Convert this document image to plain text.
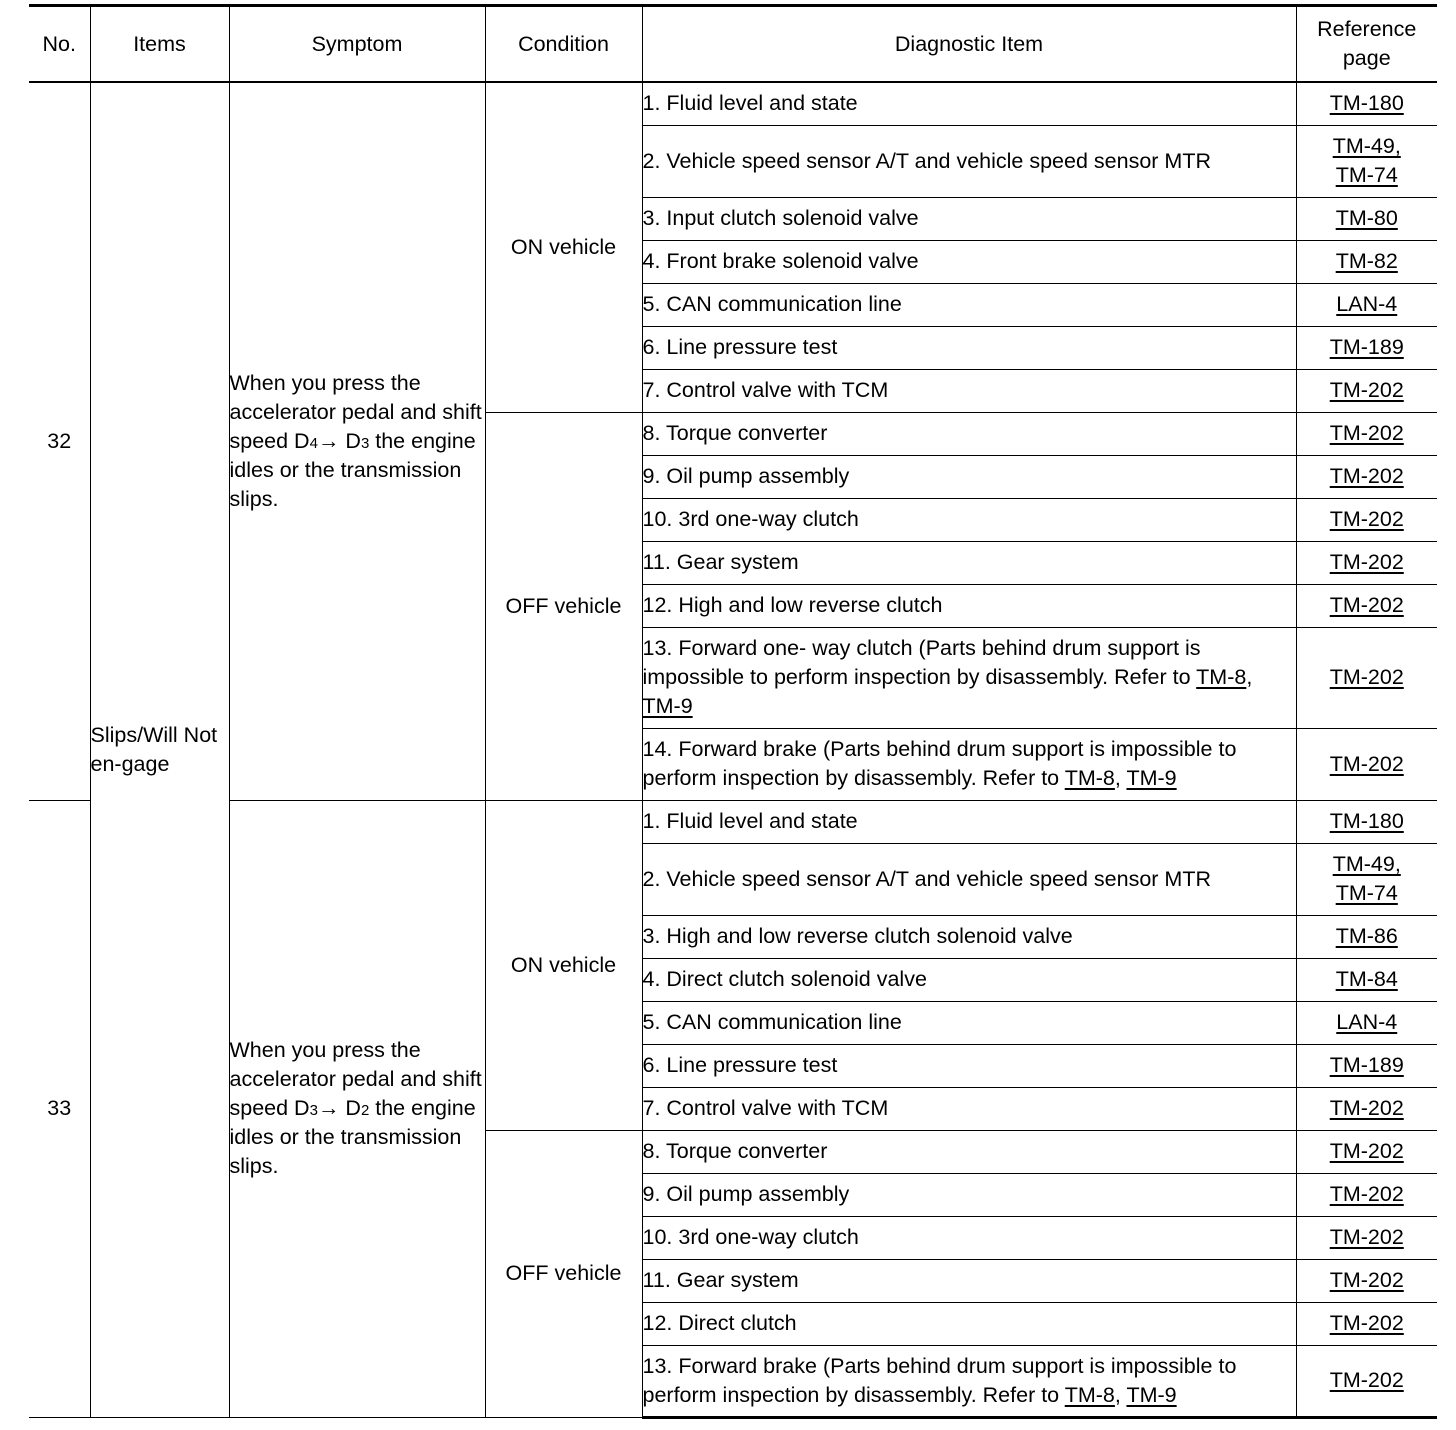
No.	Items	Symptom	Condition	Diagnostic Item	Reference page
32	Slips/Will Not en-gage	When you press the accelerator pedal and shift speed D4→ D3 the engine idles or the transmission slips.	ON vehicle	1. Fluid level and state	TM-180
				2. Vehicle speed sensor A/T and vehicle speed sensor MTR	TM-49,
TM-74
				3. Input clutch solenoid valve	TM-80
				4. Front brake solenoid valve	TM-82
				5. CAN communication line	LAN-4
				6. Line pressure test	TM-189
				7. Control valve with TCM	TM-202
			OFF vehicle	8. Torque converter	TM-202
				9. Oil pump assembly	TM-202
				10. 3rd one-way clutch	TM-202
				11. Gear system	TM-202
				12. High and low reverse clutch	TM-202
				13. Forward one- way clutch (Parts behind drum support is impossible to perform inspection by disassembly. Refer to TM-8, TM-9	TM-202
				14. Forward brake (Parts behind drum support is impossible to perform inspection by disassembly. Refer to TM-8, TM-9	TM-202
33		When you press the accelerator pedal and shift speed D3→ D2 the engine idles or the transmission slips.	ON vehicle	1. Fluid level and state	TM-180
				2. Vehicle speed sensor A/T and vehicle speed sensor MTR	TM-49,
TM-74
				3. High and low reverse clutch solenoid valve	TM-86
				4. Direct clutch solenoid valve	TM-84
				5. CAN communication line	LAN-4
				6. Line pressure test	TM-189
				7. Control valve with TCM	TM-202
			OFF vehicle	8. Torque converter	TM-202
				9. Oil pump assembly	TM-202
				10. 3rd one-way clutch	TM-202
				11. Gear system	TM-202
				12. Direct clutch	TM-202
				13. Forward brake (Parts behind drum support is impossible to perform inspection by disassembly. Refer to TM-8, TM-9	TM-202
